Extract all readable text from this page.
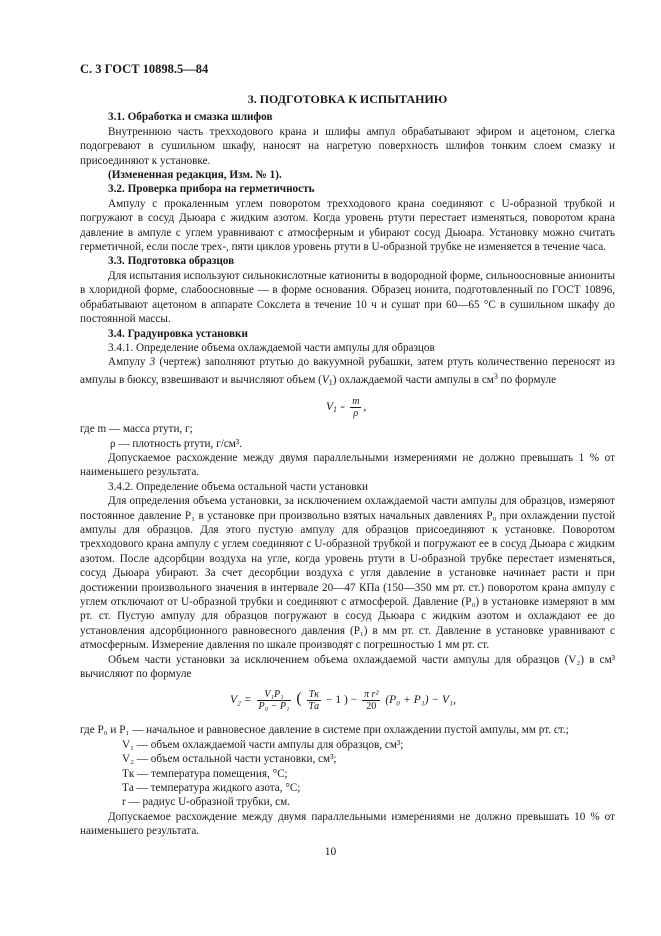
С. 3 ГОСТ 10898.5—84
3. ПОДГОТОВКА К ИСПЫТАНИЮ
3.1. Обработка и смазка шлифов

Внутреннюю часть трехходового крана и шлифы ампул обрабатывают эфиром и ацетоном, слегка подогревают в сушильном шкафу, наносят на нагретую поверхность шлифов тонким слоем смазку и присоединяют к установке.

(Измененная редакция, Изм. № 1).
3.2. Проверка прибора на герметичность

Ампулу с прокаленным углем поворотом трехходового крана соединяют с U-образной трубкой и погружают в сосуд Дьюара с жидким азотом. Когда уровень ртути перестает изменяться, поворотом крана давление в ампуле с углем уравнивают с атмосферным и убирают сосуд Дьюара. Установку можно считать герметичной, если после трех-, пяти циклов уровень ртути в U-образной трубке не изменяется в течение часа.

3.3. Подготовка образцов

Для испытания используют сильнокислотные катиониты в водородной форме, сильноосновные аниониты в хлоридной форме, слабоосновные — в форме основания. Образец ионита, подготовленный по ГОСТ 10896, обрабатывают ацетоном в аппарате Сокслета в течение 10 ч и сушат при 60—65 °С в сушильном шкафу до постоянной массы.

3.4. Градуировка установки
3.4.1. Определение объема охлаждаемой части ампулы для образцов

Ампулу 3 (чертеж) заполняют ртутью до вакуумной рубашки, затем ртуть количественно переносят из ампулы в бюксу, взвешивают и вычисляют объем $(V_1)$ охлаждаемой части ампулы в $см^3$ по формуле

$V_1 = \frac{m}{\rho}$ ,
где m — масса ртути, г;
ρ — плотность ртути, г/см³.

Допускаемое расхождение между двумя параллельными измерениями не должно превышать 1 % от наименьшего результата.

3.4.2. Определение объема остальной части установки

Для определения объема установки, за исключением охлаждаемой части ампулы для образцов, измеряют постоянное давление P₁ в установке при произвольно взятых начальных давлениях P₀ при охлаждении пустой ампулы для образцов. Для этого пустую ампулу для образцов присоединяют к установке. Поворотом трехходового крана ампулу с углем соединяют с U-образной трубкой и погружают ее в сосуд Дьюара с жидким азотом. После адсорбции воздуха на угле, когда уровень ртути в U-образной трубке перестает изменяться, сосуд Дьюара убирают. За счет десорбции воздуха с угля давление в установке начинает расти и при достижении произвольного значения в интервале 20—47 КПа (150—350 мм рт. ст.) поворотом крана ампулу с углем отключают от U-образной трубки и соединяют с атмосферой. Давление (P₀) в установке измеряют в мм рт. ст. Пустую ампулу для образцов погружают в сосуд Дьюара с жидким азотом и охлаждают ее до установления адсорбционного равновесного давления (P₁) в мм рт. ст. Давление в установке уравнивают с атмосферным. Измерение давления по шкале производят с погрешностью 1 мм рт. ст.

Объем части установки за исключением объема охлаждаемой части ампулы для образцов (V₂) в см³ вычисляют по формуле

$V_2 = \frac{\text{V₁P₁}}{\text{P₀ − P₁}}$ ( $\frac{Tк}{Tа} - 1$ ) − $\frac{\text{π r²}}{20} (P_0 + P_1) - V_1$,
где P₀ и P₁ — начальное и равновесное давление в системе при охлаждении пустой ампулы, мм рт. ст.;
V₁ — объем охлаждаемой части ампулы для образцов, см³;
V₂ — объем остальной части установки, см³;
Tк — температура помещения, °С;
Tа — температура жидкого азота, °С;
r — радиус U-образной трубки, см.

Допускаемое расхождение между двумя параллельными измерениями не должно превышать 10 % от наименьшего результата.

10
